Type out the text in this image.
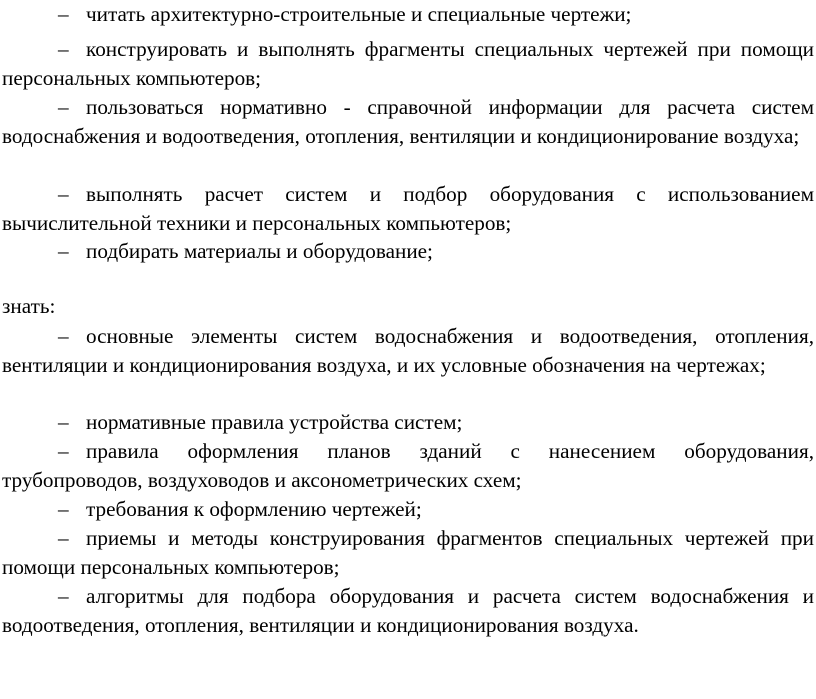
– читать архитектурно-строительные и специальные чертежи;
– конструировать и выполнять фрагменты специальных чертежей при помощи персональных компьютеров;
– пользоваться нормативно - справочной информации для расчета систем водоснабжения и водоотведения, отопления, вентиляции и кондиционирование воздуха;
– выполнять расчет систем и подбор оборудования с использованием вычислительной техники и персональных компьютеров;
– подбирать материалы и оборудование;
знать:
– основные элементы систем водоснабжения и водоотведения, отопления, вентиляции и кондиционирования воздуха, и их условные обозначения на чертежах;
– нормативные правила устройства систем;
– правила оформления планов зданий с нанесением оборудования, трубопроводов, воздуховодов и аксонометрических схем;
– требования к оформлению чертежей;
– приемы и методы конструирования фрагментов специальных чертежей при помощи персональных компьютеров;
– алгоритмы для подбора оборудования и расчета систем водоснабжения и водоотведения, отопления, вентиляции и кондиционирования воздуха.
